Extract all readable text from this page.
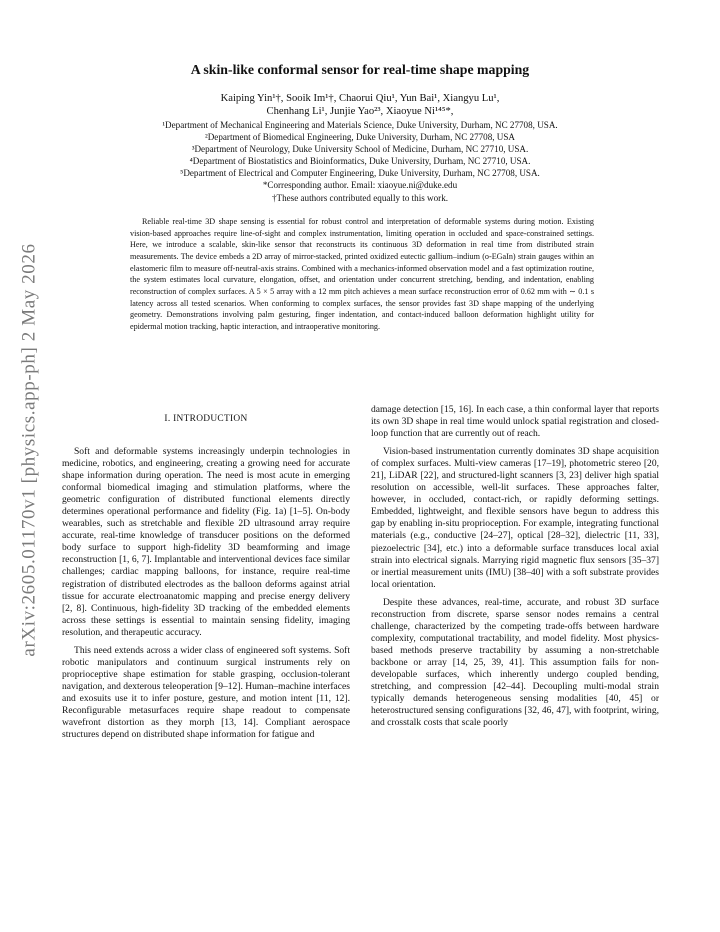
arXiv:2605.01170v1 [physics.app-ph] 2 May 2026
A skin-like conformal sensor for real-time shape mapping
Kaiping Yin¹†, Sooik Im¹†, Chaorui Qiu¹, Yun Bai¹, Xiangyu Lu¹,
Chenhang Li¹, Junjie Yao²³, Xiaoyue Ni¹⁴⁵*,
¹Department of Mechanical Engineering and Materials Science, Duke University, Durham, NC 27708, USA.
²Department of Biomedical Engineering, Duke University, Durham, NC 27708, USA
³Department of Neurology, Duke University School of Medicine, Durham, NC 27710, USA.
⁴Department of Biostatistics and Bioinformatics, Duke University, Durham, NC 27710, USA.
⁵Department of Electrical and Computer Engineering, Duke University, Durham, NC 27708, USA.
*Corresponding author. Email: xiaoyue.ni@duke.edu
†These authors contributed equally to this work.
Reliable real-time 3D shape sensing is essential for robust control and interpretation of deformable systems during motion. Existing vision-based approaches require line-of-sight and complex instrumentation, limiting operation in occluded and space-constrained settings. Here, we introduce a scalable, skin-like sensor that reconstructs its continuous 3D deformation in real time from distributed strain measurements. The device embeds a 2D array of mirror-stacked, printed oxidized eutectic gallium–indium (o-EGaIn) strain gauges within an elastomeric film to measure off-neutral-axis strains. Combined with a mechanics-informed observation model and a fast optimization routine, the system estimates local curvature, elongation, offset, and orientation under concurrent stretching, bending, and indentation, enabling reconstruction of complex surfaces. A 5 × 5 array with a 12 mm pitch achieves a mean surface reconstruction error of 0.62 mm with ∼ 0.1 s latency across all tested scenarios. When conforming to complex surfaces, the sensor provides fast 3D shape mapping of the underlying geometry. Demonstrations involving palm gesturing, finger indentation, and contact-induced balloon deformation highlight utility for epidermal motion tracking, haptic interaction, and intraoperative monitoring.
I. INTRODUCTION

Soft and deformable systems increasingly underpin technologies in medicine, robotics, and engineering, creating a growing need for accurate shape information during operation. The need is most acute in emerging conformal biomedical imaging and stimulation platforms, where the geometric configuration of distributed functional elements directly determines operational performance and fidelity (Fig. 1a) [1–5]. On-body wearables, such as stretchable and flexible 2D ultrasound array require accurate, real-time knowledge of transducer positions on the deformed body surface to support high-fidelity 3D beamforming and image reconstruction [1, 6, 7]. Implantable and interventional devices face similar challenges; cardiac mapping balloons, for instance, require real-time registration of distributed electrodes as the balloon deforms against atrial tissue for accurate electroanatomic mapping and precise energy delivery [2, 8]. Continuous, high-fidelity 3D tracking of the embedded elements across these settings is essential to maintain sensing fidelity, imaging resolution, and therapeutic accuracy.

This need extends across a wider class of engineered soft systems. Soft robotic manipulators and continuum surgical instruments rely on proprioceptive shape estimation for stable grasping, occlusion-tolerant navigation, and dexterous teleoperation [9–12]. Human–machine interfaces and exosuits use it to infer posture, gesture, and motion intent [11, 12]. Reconfigurable metasurfaces require shape readout to compensate wavefront distortion as they morph [13, 14]. Compliant aerospace structures depend on distributed shape information for fatigue and

damage detection [15, 16]. In each case, a thin conformal layer that reports its own 3D shape in real time would unlock spatial registration and closed-loop function that are currently out of reach.

Vision-based instrumentation currently dominates 3D shape acquisition of complex surfaces. Multi-view cameras [17–19], photometric stereo [20, 21], LiDAR [22], and structured-light scanners [3, 23] deliver high spatial resolution on accessible, well-lit surfaces. These approaches falter, however, in occluded, contact-rich, or rapidly deforming settings. Embedded, lightweight, and flexible sensors have begun to address this gap by enabling in-situ proprioception. For example, integrating functional materials (e.g., conductive [24–27], optical [28–32], dielectric [11, 33], piezoelectric [34], etc.) into a deformable surface transduces local axial strain into electrical signals. Marrying rigid magnetic flux sensors [35–37] or inertial measurement units (IMU) [38–40] with a soft substrate provides local orientation.

Despite these advances, real-time, accurate, and robust 3D surface reconstruction from discrete, sparse sensor nodes remains a central challenge, characterized by the competing trade-offs between hardware complexity, computational tractability, and model fidelity. Most physics-based methods preserve tractability by assuming a non-stretchable backbone or array [14, 25, 39, 41]. This assumption fails for non-developable surfaces, which inherently undergo coupled bending, stretching, and compression [42–44]. Decoupling multi-modal strain typically demands heterogeneous sensing modalities [40, 45] or heterostructured sensing configurations [32, 46, 47], with footprint, wiring, and crosstalk costs that scale poorly
